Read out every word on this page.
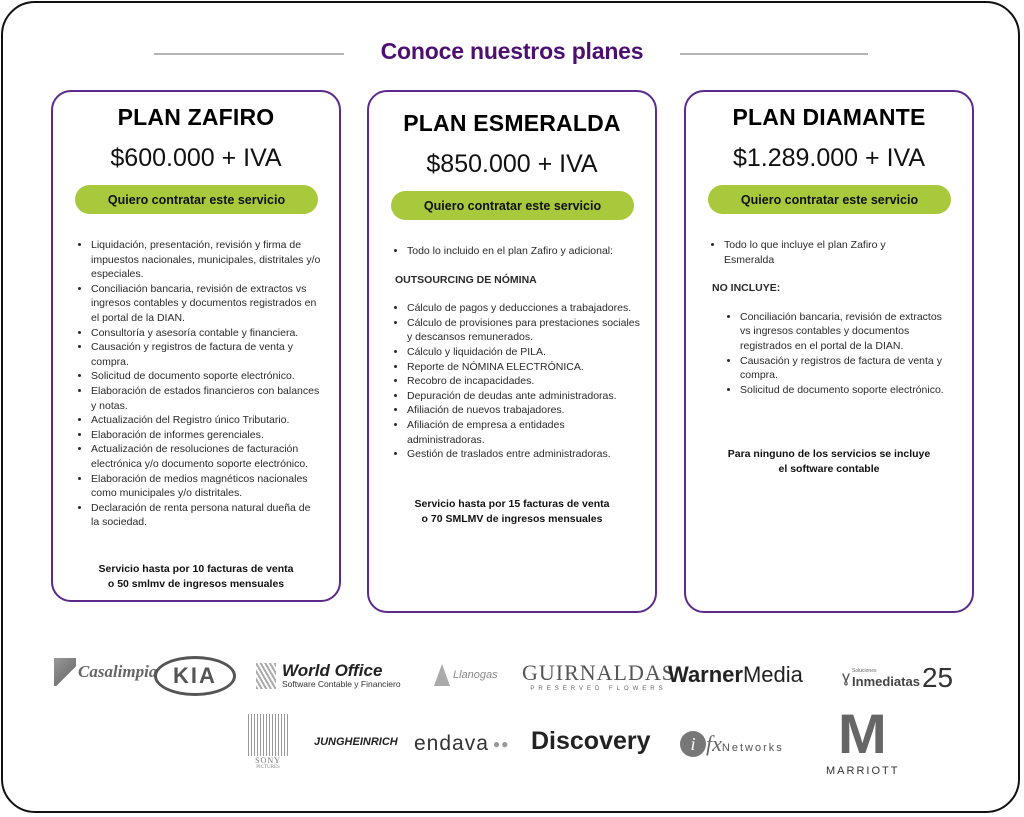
Conoce nuestros planes
PLAN ZAFIRO
$600.000 + IVA
Quiero contratar este servicio
• Liquidación, presentación, revisión y firma de impuestos nacionales, municipales, distritales y/o especiales.
• Conciliación bancaria, revisión de extractos vs ingresos contables y documentos registrados en el portal de la DIAN.
• Consultoría y asesoría contable y financiera.
• Causación y registros de factura de venta y compra.
• Solicitud de documento soporte electrónico.
• Elaboración de estados financieros con balances y notas.
• Actualización del Registro único Tributario.
• Elaboración de informes gerenciales.
• Actualización de resoluciones de facturación electrónica y/o documento soporte electrónico.
• Elaboración de medios magnéticos nacionales como municipales y/o distritales.
• Declaración de renta persona natural dueña de la sociedad.
Servicio hasta por 10 facturas de venta
o 50 smlmv de ingresos mensuales
PLAN ESMERALDA
$850.000 + IVA
Quiero contratar este servicio
• Todo lo incluido en el plan Zafiro y adicional:
OUTSOURCING DE NÓMINA
• Cálculo de pagos y deducciones a trabajadores.
• Cálculo de provisiones para prestaciones sociales y descansos remunerados.
• Cálculo y liquidación de PILA.
• Reporte de NÓMINA ELECTRÓNICA.
• Recobro de incapacidades.
• Depuración de deudas ante administradoras.
• Afiliación de nuevos trabajadores.
• Afiliación de empresa a entidades administradoras.
• Gestión de traslados entre administradoras.
Servicio hasta por 15 facturas de venta
o 70 SMLMV de ingresos mensuales
PLAN DIAMANTE
$1.289.000 + IVA
Quiero contratar este servicio
• Todo lo que incluye el plan Zafiro y Esmeralda
NO INCLUYE:
• Conciliación bancaria, revisión de extractos vs ingresos contables y documentos registrados en el portal de la DIAN.
• Causación y registros de factura de venta y compra.
• Solicitud de documento soporte electrónico.
Para ninguno de los servicios se incluye
el software contable
Casalimpia KIA	World Office
Software Contable y Financiero
Llanogas GUIRNALDAS
PRESERVED FLOWERS
Warner Media ɣ Soluciones
Inmediatas 25
SONY
PICTURES
JUNGHEINRICH endava ●● Discovery	i fx Networks M
MARRIOTT
